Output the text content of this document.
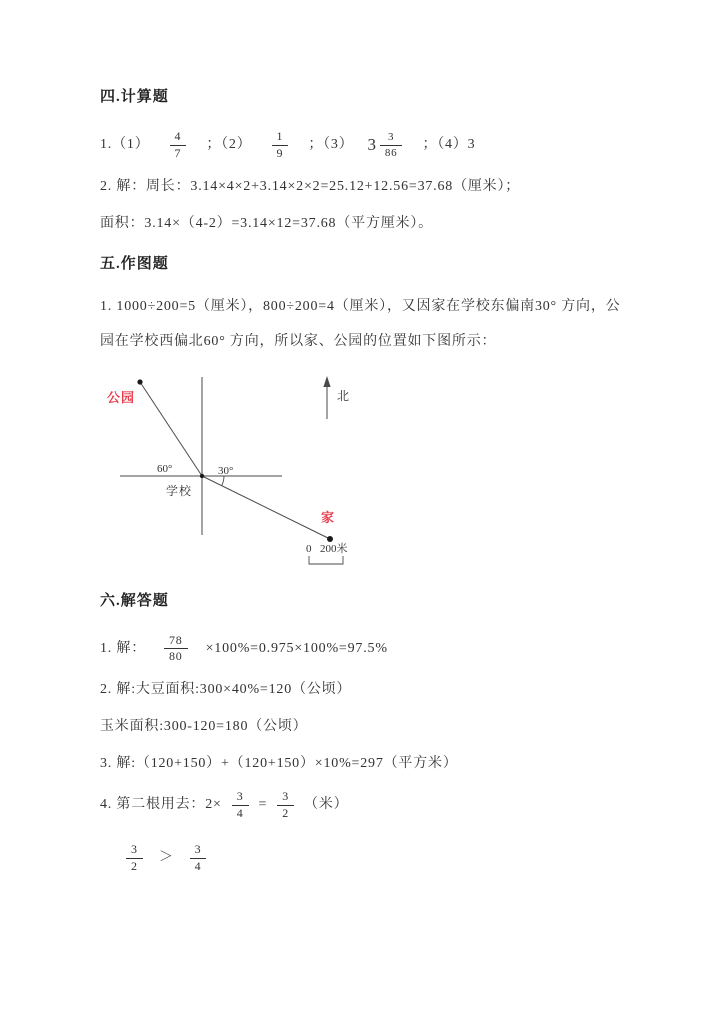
四.计算题
$1.(1) \frac{4}{7}$ ；$(2) \frac{1}{9}$ ；（3） $3 \frac{3}{86}$ ；（4）3
2. 解：周长：3.14×4×2+3.14×2×2=25.12+12.56=37.68（厘米）；
面积：3.14×（4-2）=3.14×12=37.68（平方厘米）。
五.作图题
1. 1000÷200=5（厘米），800÷200=4（厘米），又因家在学校东偏南30° 方向，公园在学校西偏北60° 方向，所以家、公园的位置如下图所示：
公园
学校
家
北
60°	30°
0 200米
六.解答题
1. 解： $\frac{78}{80} \times 100\%=0.975\times 100\%=97.5\%$
2. 解:大豆面积:300×40%=120（公顷）
玉米面积:300-120=180（公顷）
3. 解:（120+150）+（120+150）×10%=297（平方米）
4. 第二根用去：$2\times \frac{3}{4} = \frac{3}{2}$ （米）
$\frac{3}{2} > \frac{3}{4}$
